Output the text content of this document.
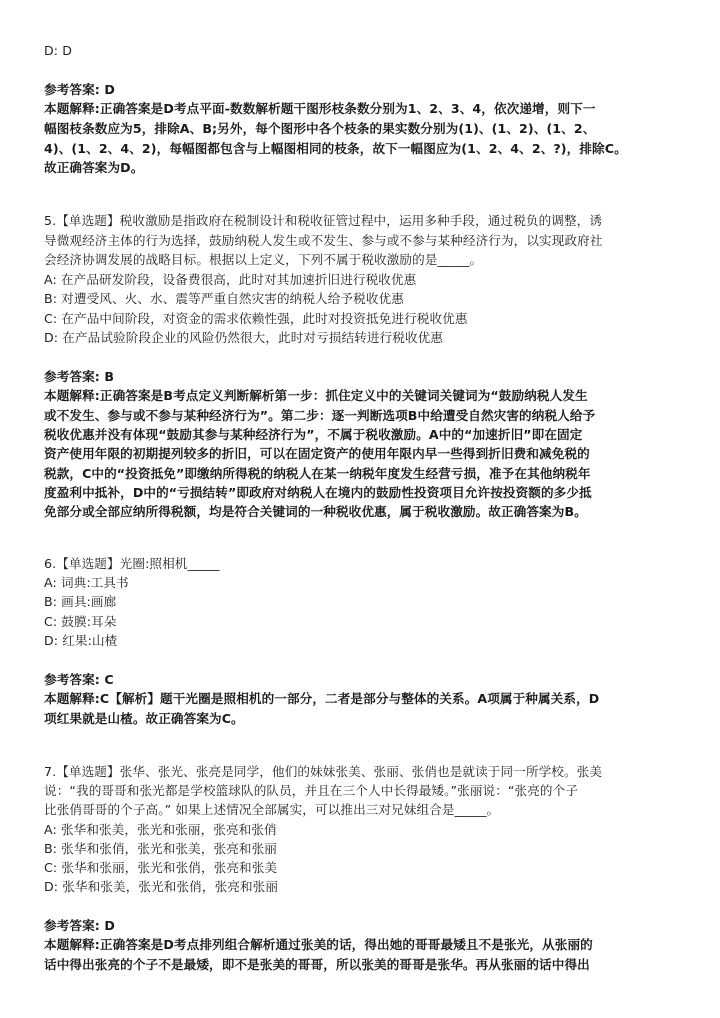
D: D
参考答案: D
本题解释:正确答案是D考点平面-数数解析题干图形枝条数分别为1、2、3、4，依次递增，则下一
幅图枝条数应为5，排除A、B;另外，每个图形中各个枝条的果实数分别为(1)、(1、2)、(1、2、
4)、(1、2、4、2)，每幅图都包含与上幅图相同的枝条，故下一幅图应为(1、2、4、2、?)，排除C。
故正确答案为D。
5.【单选题】税收激励是指政府在税制设计和税收征管过程中，运用多种手段，通过税负的调整，诱
导微观经济主体的行为选择，鼓励纳税人发生或不发生、参与或不参与某种经济行为，以实现政府社
会经济协调发展的战略目标。根据以上定义，下列不属于税收激励的是_____。
A: 在产品研发阶段，设备费很高，此时对其加速折旧进行税收优惠
B: 对遭受风、火、水、震等严重自然灾害的纳税人给予税收优惠
C: 在产品中间阶段，对资金的需求依赖性强，此时对投资抵免进行税收优惠
D: 在产品试验阶段企业的风险仍然很大，此时对亏损结转进行税收优惠
参考答案: B
本题解释:正确答案是B考点定义判断解析第一步：抓住定义中的关键词关键词为“鼓励纳税人发生
或不发生、参与或不参与某种经济行为”。第二步：逐一判断选项B中给遭受自然灾害的纳税人给予
税收优惠并没有体现“鼓励其参与某种经济行为”，不属于税收激励。A中的“加速折旧”即在固定
资产使用年限的初期提列较多的折旧，可以在固定资产的使用年限内早一些得到折旧费和减免税的
税款，C中的“投资抵免”即缴纳所得税的纳税人在某一纳税年度发生经营亏损，准予在其他纳税年
度盈利中抵补，D中的“亏损结转”即政府对纳税人在境内的鼓励性投资项目允许按投资额的多少抵
免部分或全部应纳所得税额，均是符合关键词的一种税收优惠，属于税收激励。故正确答案为B。
6.【单选题】光圈:照相机_____
A: 词典:工具书
B: 画具:画廊
C: 鼓膜:耳朵
D: 红果:山楂
参考答案: C
本题解释:C【解析】题干光圈是照相机的一部分，二者是部分与整体的关系。A项属于种属关系，D
项红果就是山楂。故正确答案为C。
7.【单选题】张华、张光、张亮是同学，他们的妹妹张美、张丽、张俏也是就读于同一所学校。张美
说：“我的哥哥和张光都是学校篮球队的队员，并且在三个人中长得最矮。”张丽说：“张亮的个子
比张俏哥哥的个子高。” 如果上述情况全部属实，可以推出三对兄妹组合是_____。
A: 张华和张美，张光和张丽，张亮和张俏
B: 张华和张俏，张光和张美，张亮和张丽
C: 张华和张丽，张光和张俏，张亮和张美
D: 张华和张美，张光和张俏，张亮和张丽
参考答案: D
本题解释:正确答案是D考点排列组合解析通过张美的话，得出她的哥哥最矮且不是张光，从张丽的
话中得出张亮的个子不是最矮，即不是张美的哥哥，所以张美的哥哥是张华。再从张丽的话中得出
